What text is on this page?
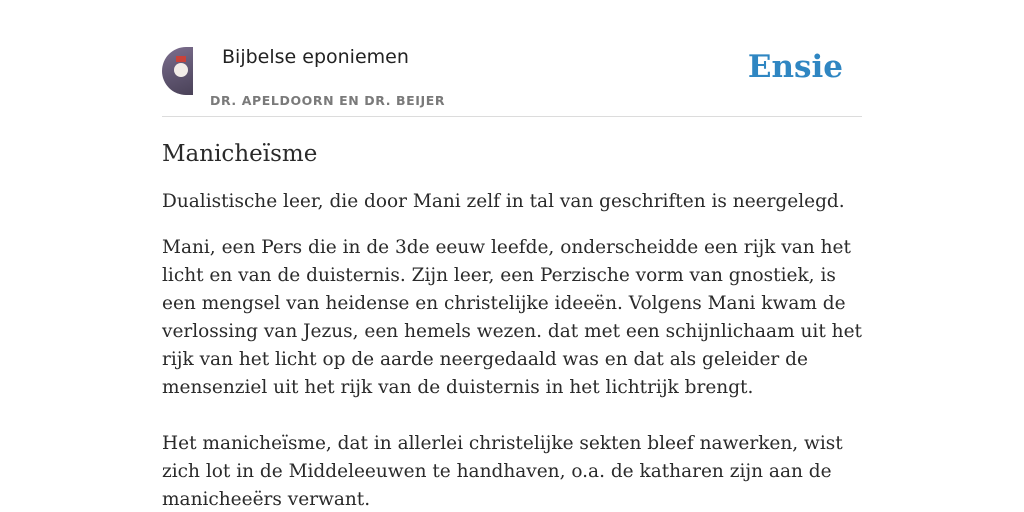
Bijbelse eponiemen
DR. APELDOORN EN DR. BEIJER
Ensie
Manicheïsme

Dualistische leer, die door Mani zelf in tal van geschriften is neergelegd.

Mani, een Pers die in de 3de eeuw leefde, onderscheidde een rijk van het licht en van de duisternis. Zijn leer, een Perzische vorm van gnostiek, is een mengsel van heidense en christelijke ideeën. Volgens Mani kwam de verlossing van Jezus, een hemels wezen. dat met een schijnlichaam uit het rijk van het licht op de aarde neergedaald was en dat als geleider de mensenziel uit het rijk van de duisternis in het lichtrijk brengt.

Het manicheïsme, dat in allerlei christelijke sekten bleef nawerken, wist zich lot in de Middeleeuwen te handhaven, o.a. de katharen zijn aan de manicheeërs verwant.
